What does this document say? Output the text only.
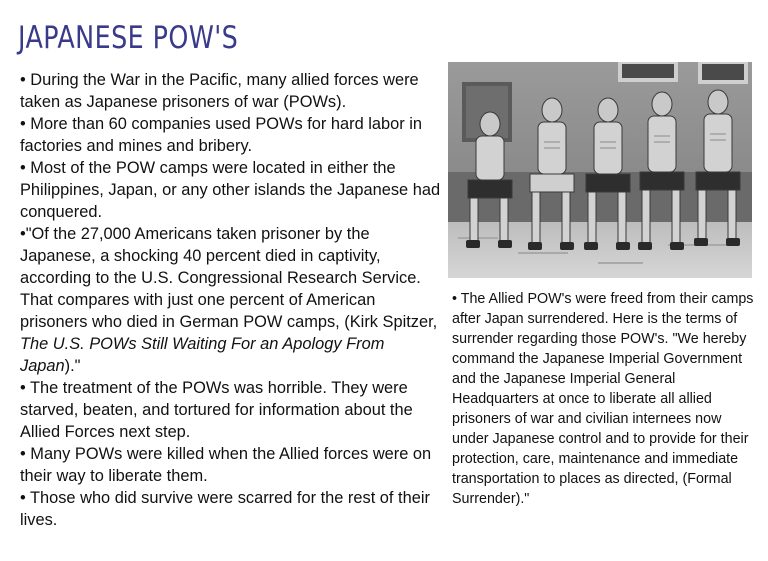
JAPANESE POW'S

• During the War in the Pacific, many allied forces were taken as Japanese prisoners of war (POWs).

• More than 60 companies used POWs for hard labor in factories and mines and bribery.

• Most of the POW camps were located in either the Philippines, Japan, or any other islands the Japanese had conquered.

•"Of the 27,000 Americans taken prisoner by the Japanese, a shocking 40 percent died in captivity, according to the U.S. Congressional Research Service. That compares with just one percent of American prisoners who died in German POW camps, (Kirk Spitzer, The U.S. POWs Still Waiting For an Apology From Japan)."

• The treatment of the POWs was horrible. They were starved, beaten, and tortured for information about the Allied Forces next step.

• Many POWs were killed when the Allied forces were on their way to liberate them.

• Those who did survive were scarred for the rest of their lives.

• The Allied POW's were freed from their camps after Japan surrendered. Here is the terms of surrender regarding those POW's. "We hereby command the Japanese Imperial Government and the Japanese Imperial General Headquarters at once to liberate all allied prisoners of war and civilian internees now under Japanese control and to provide for their protection, care, maintenance and immediate transportation to places as directed, (Formal Surrender)."
